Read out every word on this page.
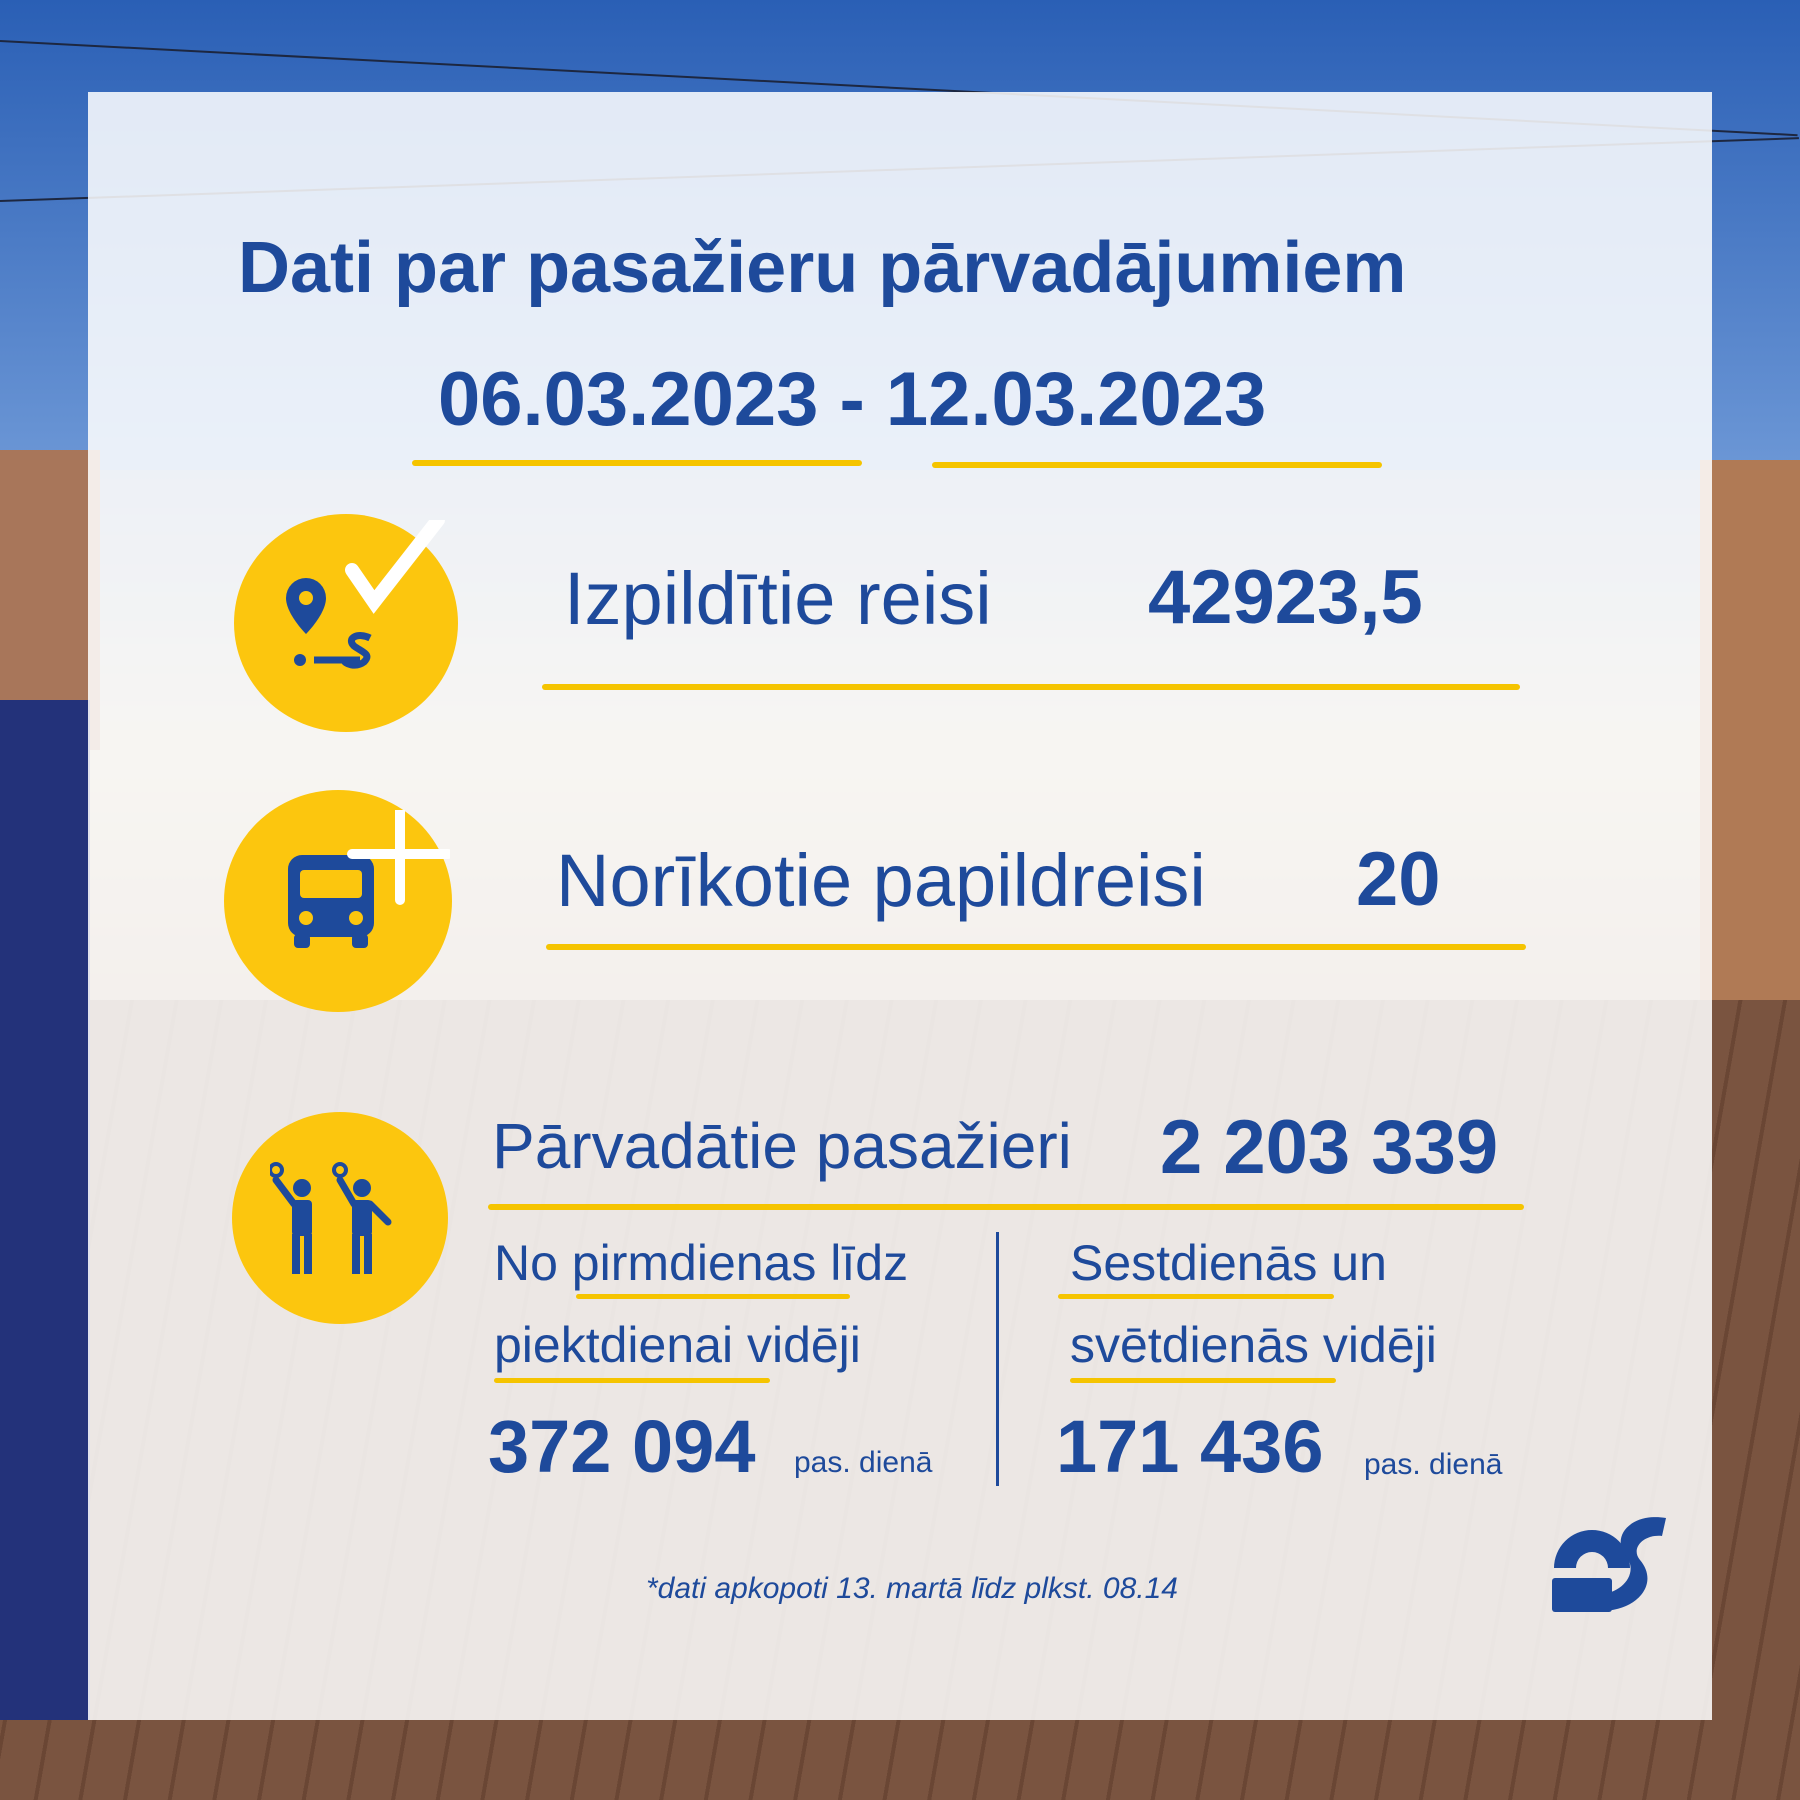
Dati par pasažieru pārvadājumiem
06.03.2023 - 12.03.2023
Izpildītie reisi 42923,5
Norīkotie papildreisi 20
Pārvadātie pasažieri 2 203 339
No pirmdienas līdz
piektdienai vidēji
372 094 pas. dienā
Sestdienās un
svētdienās vidēji
171 436 pas. dienā
*dati apkopoti 13. martā līdz plkst. 08.14
